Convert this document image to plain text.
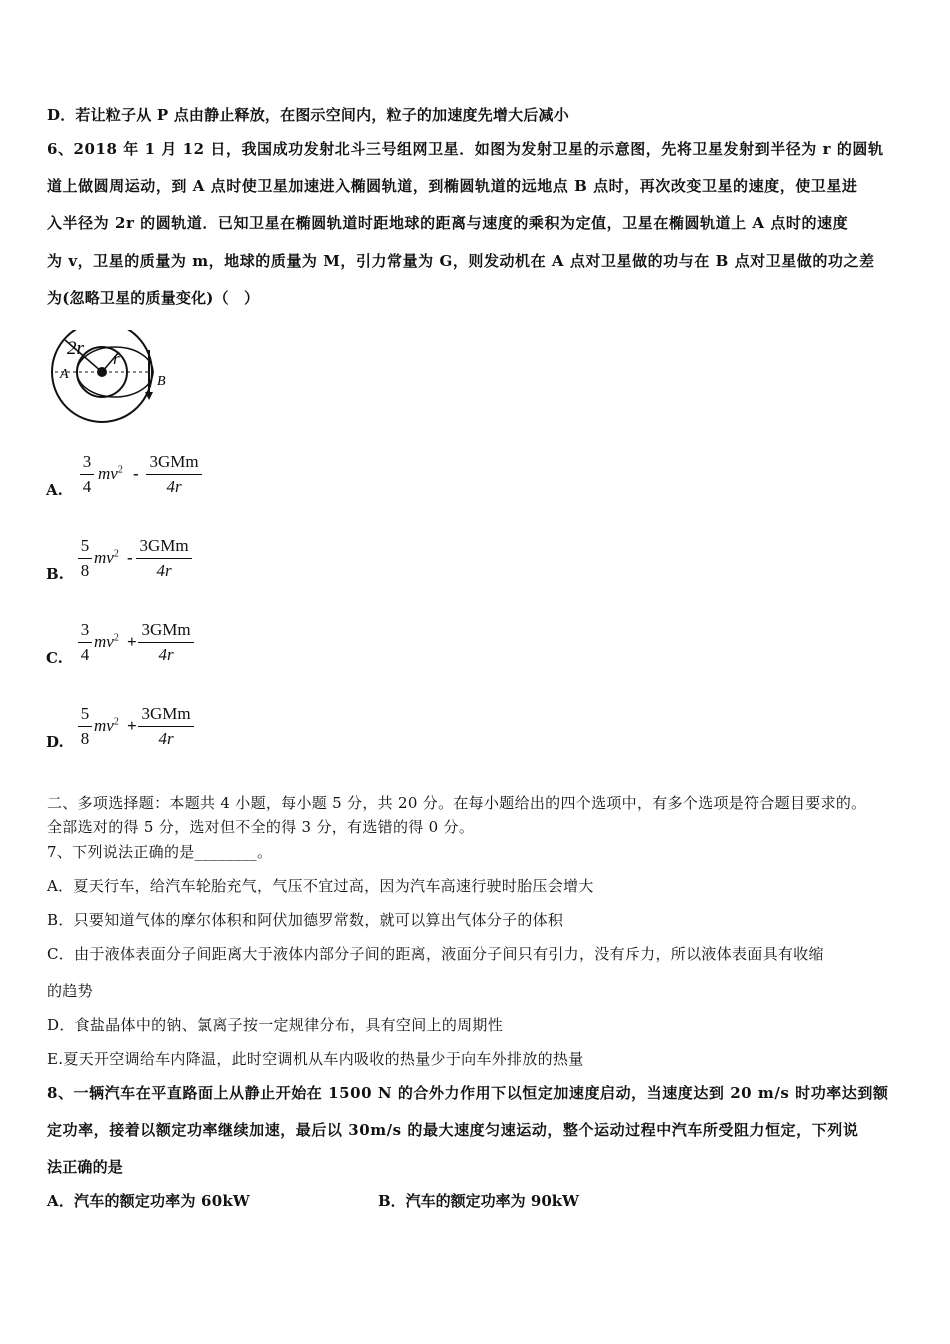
D．若让粒子从 P 点由静止释放，在图示空间内，粒子的加速度先增大后减小
6、2018 年 1 月 12 日，我国成功发射北斗三号组网卫星．如图为发射卫星的示意图，先将卫星发射到半径为 r 的圆轨
道上做圆周运动，到 A 点时使卫星加速进入椭圆轨道，到椭圆轨道的远地点 B 点时，再次改变卫星的速度，使卫星进
入半径为 2r 的圆轨道．已知卫星在椭圆轨道时距地球的距离与速度的乘积为定值，卫星在椭圆轨道上 A 点时的速度
为 v，卫星的质量为 m，地球的质量为 M，引力常量为 G，则发动机在 A 点对卫星做的功与在 B 点对卫星做的功之差
为(忽略卫星的质量变化)（　）
2r r
A	B
A.
3
4
$mv^2$ -
3GMm
4r
B.
5
8
$mv^2$ -
3GMm
4r
C.
3
4
$mv^2$ +
3GMm
4r
D.
5
8
$mv^2$ +
3GMm
4r
二、多项选择题：本题共 4 小题，每小题 5 分，共 20 分。在每小题给出的四个选项中，有多个选项是符合题目要求的。
全部选对的得 5 分，选对但不全的得 3 分，有选错的得 0 分。
7、下列说法正确的是________。
A．夏天行车，给汽车轮胎充气，气压不宜过高，因为汽车高速行驶时胎压会增大
B．只要知道气体的摩尔体积和阿伏加德罗常数，就可以算出气体分子的体积
C．由于液体表面分子间距离大于液体内部分子间的距离，液面分子间只有引力，没有斥力，所以液体表面具有收缩
的趋势
D．食盐晶体中的钠、氯离子按一定规律分布，具有空间上的周期性
E.夏天开空调给车内降温，此时空调机从车内吸收的热量少于向车外排放的热量
8、一辆汽车在平直路面上从静止开始在 1500 N 的合外力作用下以恒定加速度启动，当速度达到 20 m/s 时功率达到额
定功率，接着以额定功率继续加速，最后以 30m/s 的最大速度匀速运动，整个运动过程中汽车所受阻力恒定，下列说
法正确的是
A．汽车的额定功率为 60kW	B．汽车的额定功率为 90kW
